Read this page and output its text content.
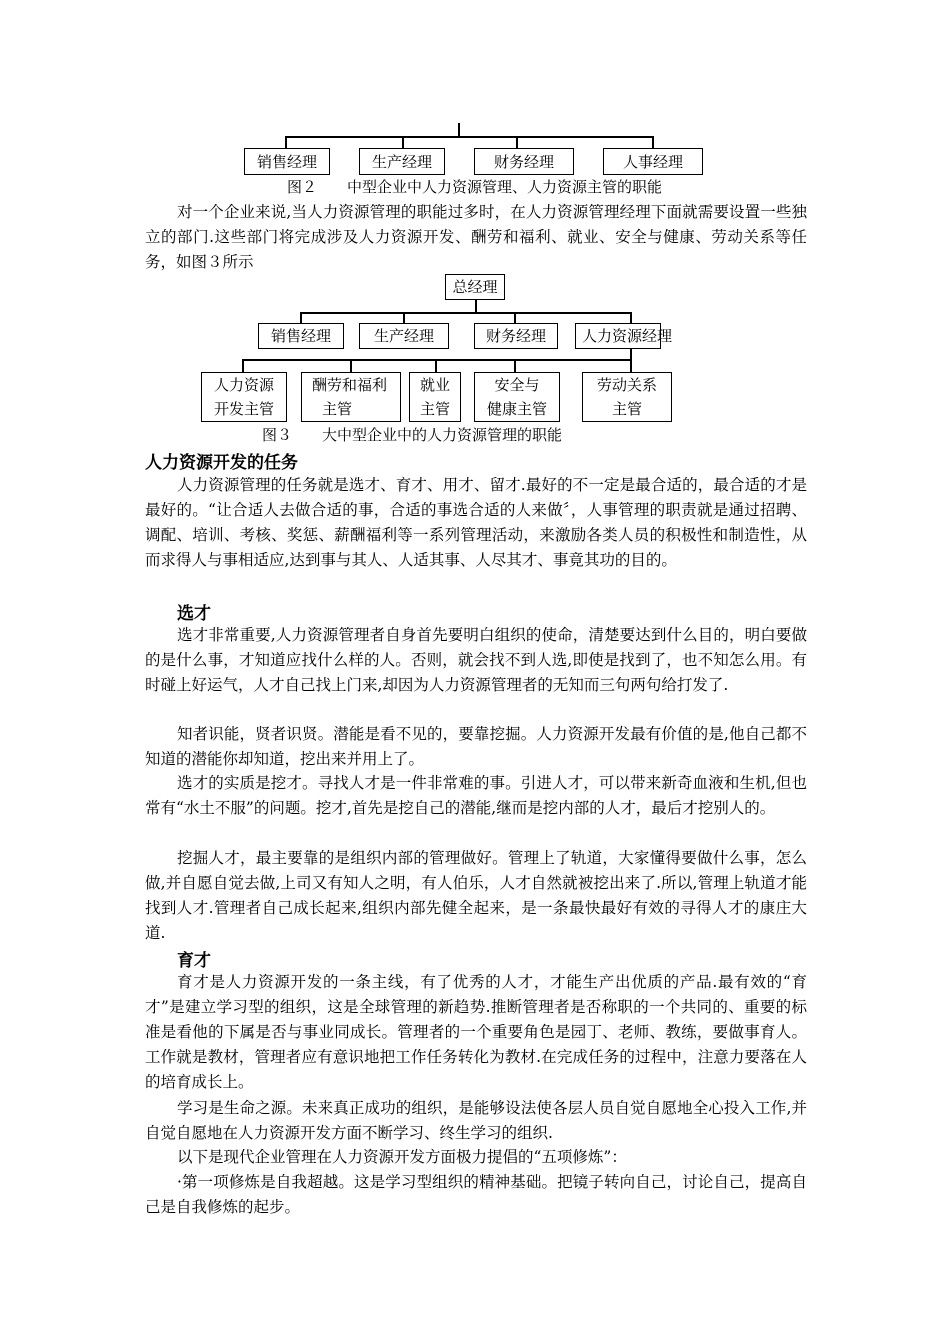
销售经理	生产经理	财务经理	人事经理
图２　　中型企业中人力资源管理、人力资源主管的职能

对一个企业来说,当人力资源管理的职能过多时，在人力资源管理经理下面就需要设置一些独立的部门.这些部门将完成涉及人力资源开发、酬劳和福利、就业、安全与健康、劳动关系等任务，如图３所示

总经理
销售经理	生产经理	财务经理	人力资源经 理
人力资源
开发主管
酬劳和福利
主管
就业
主管
安全与
健康主管
劳动关系
主管
图３　　大中型企业中的人力资源管理的职能
人力资源开发的任务

人力资源管理的任务就是选才、育才、用才、留才.最好的不一定是最合适的，最合适的才是最好的。“让合适人去做合适的事，合适的事选合适的人来做〞，人事管理的职责就是通过招聘、调配、培训、考核、奖惩、薪酬福利等一系列管理活动，来激励各类人员的积极性和制造性，从而求得人与事相适应,达到事与其人、人适其事、人尽其才、事竟其功的目的。

选才

选才非常重要,人力资源管理者自身首先要明白组织的使命，清楚要达到什么目的，明白要做的是什么事，才知道应找什么样的人。否则，就会找不到人选,即使是找到了，也不知怎么用。有时碰上好运气，人才自己找上门来,却因为人力资源管理者的无知而三句两句给打发了.

知者识能，贤者识贤。潜能是看不见的，要靠挖掘。人力资源开发最有价值的是,他自己都不知道的潜能你却知道，挖出来并用上了。

选才的实质是挖才。寻找人才是一件非常难的事。引进人才，可以带来新奇血液和生机,但也常有“水土不服”的问题。挖才,首先是挖自己的潜能,继而是挖内部的人才，最后才挖别人的。

挖掘人才，最主要靠的是组织内部的管理做好。管理上了轨道，大家懂得要做什么事，怎么做,并自愿自觉去做,上司又有知人之明，有人伯乐，人才自然就被挖出来了.所以,管理上轨道才能找到人才.管理者自己成长起来,组织内部先健全起来，是一条最快最好有效的寻得人才的康庄大道.

育才

育才是人力资源开发的一条主线，有了优秀的人才，才能生产出优质的产品.最有效的“育才”是建立学习型的组织，这是全球管理的新趋势.推断管理者是否称职的一个共同的、重要的标准是看他的下属是否与事业同成长。管理者的一个重要角色是园丁、老师、教练，要做事育人。工作就是教材，管理者应有意识地把工作任务转化为教材.在完成任务的过程中，注意力要落在人的培育成长上。

学习是生命之源。未来真正成功的组织，是能够设法使各层人员自觉自愿地全心投入工作,并自觉自愿地在人力资源开发方面不断学习、终生学习的组织.

以下是现代企业管理在人力资源开发方面极力提倡的“五项修炼”：

·第一项修炼是自我超越。这是学习型组织的精神基础。把镜子转向自己，讨论自己，提高自己是自我修炼的起步。
